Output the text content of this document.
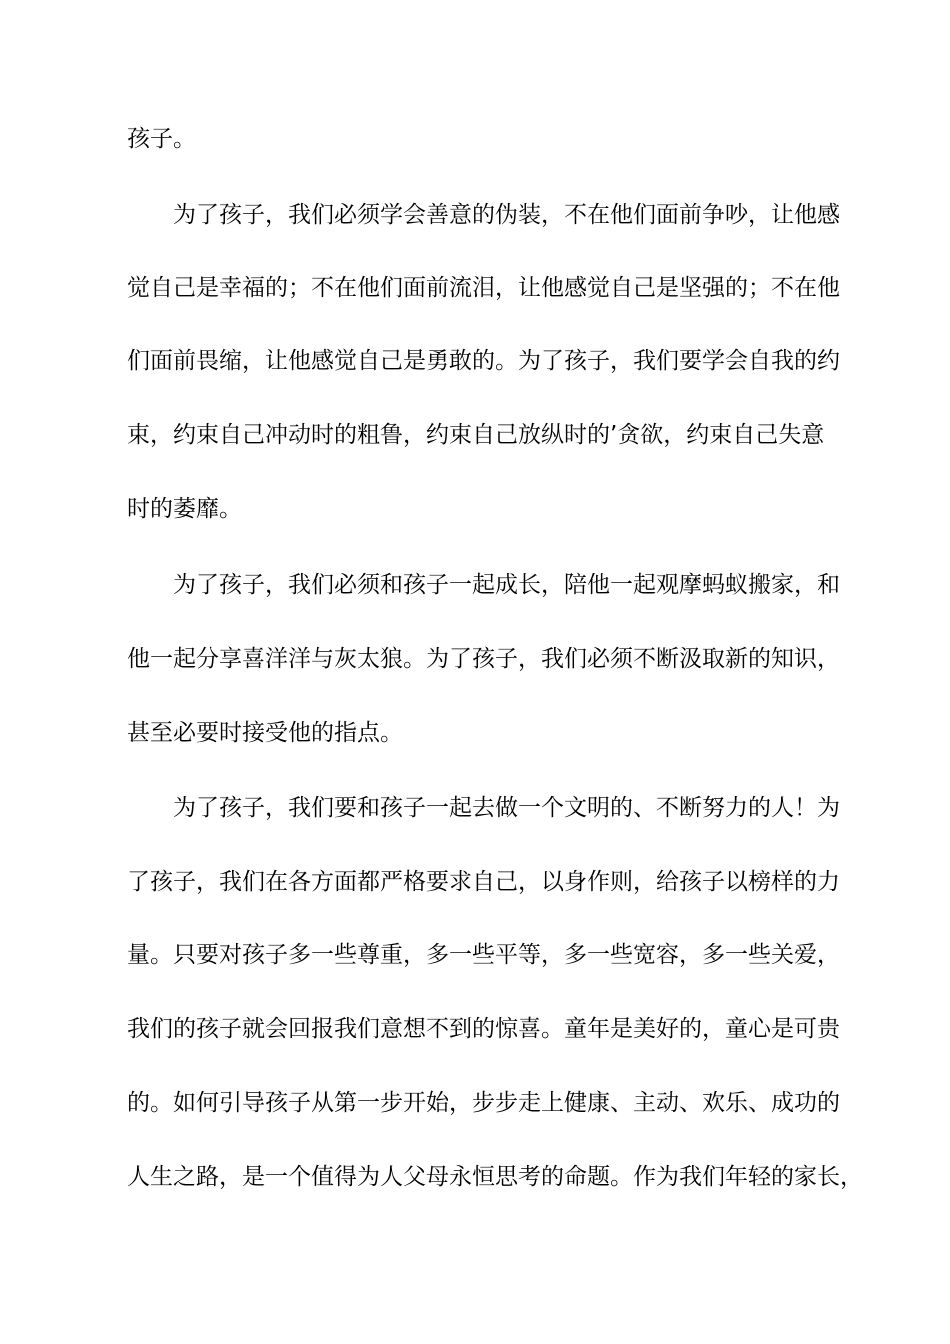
孩子。
为了孩子，我们必须学会善意的伪装，不在他们面前争吵，让他感
觉自己是幸福的；不在他们面前流泪，让他感觉自己是坚强的；不在他
们面前畏缩，让他感觉自己是勇敢的。为了孩子，我们要学会自我的约
束，约束自己冲动时的粗鲁，约束自己放纵时的’贪欲，约束自己失意
时的萎靡。
为了孩子，我们必须和孩子一起成长，陪他一起观摩蚂蚁搬家，和
他一起分享喜洋洋与灰太狼。为了孩子，我们必须不断汲取新的知识，
甚至必要时接受他的指点。
为了孩子，我们要和孩子一起去做一个文明的、不断努力的人！为
了孩子，我们在各方面都严格要求自己，以身作则，给孩子以榜样的力
量。只要对孩子多一些尊重，多一些平等，多一些宽容，多一些关爱，
我们的孩子就会回报我们意想不到的惊喜。童年是美好的，童心是可贵
的。如何引导孩子从第一步开始，步步走上健康、主动、欢乐、成功的
人生之路，是一个值得为人父母永恒思考的命题。作为我们年轻的家长，
